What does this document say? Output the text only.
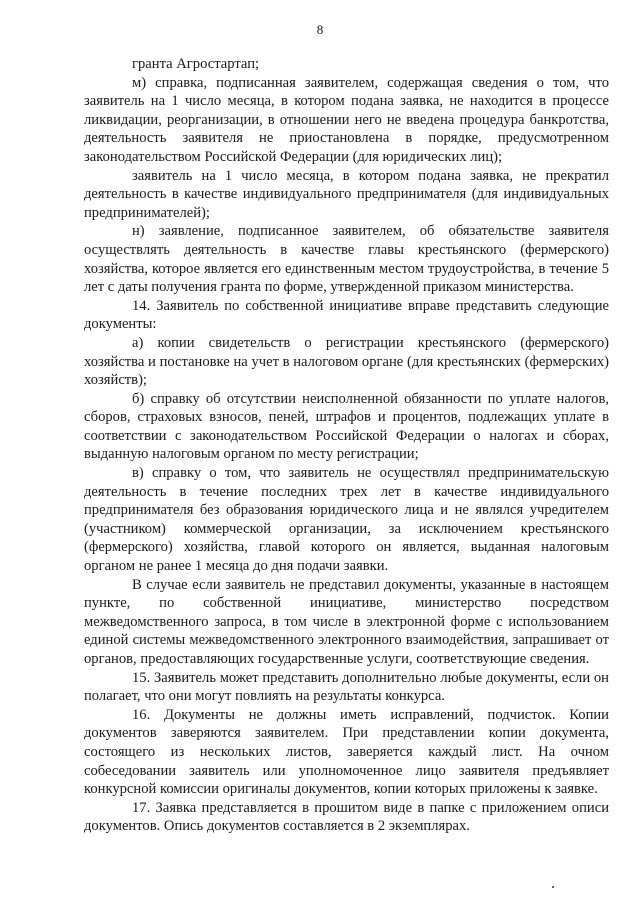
8

гранта Агростартап;

м) справка, подписанная заявителем, содержащая сведения о том, что заявитель на 1 число месяца, в котором подана заявка, не находится в процессе ликвидации, реорганизации, в отношении него не введена процедура банкротства, деятельность заявителя не приостановлена в порядке, предусмотренном законодательством Российской Федерации (для юридических лиц);

заявитель на 1 число месяца, в котором подана заявка, не прекратил деятельность в качестве индивидуального предпринимателя (для индивидуальных предпринимателей);

н) заявление, подписанное заявителем, об обязательстве заявителя осуществлять деятельность в качестве главы крестьянского (фермерского) хозяйства, которое является его единственным местом трудоустройства, в течение 5 лет с даты получения гранта по форме, утвержденной приказом министерства.

14. Заявитель по собственной инициативе вправе представить следующие документы:

а) копии свидетельств о регистрации крестьянского (фермерского) хозяйства и постановке на учет в налоговом органе (для крестьянских (фермерских) хозяйств);

б) справку об отсутствии неисполненной обязанности по уплате налогов, сборов, страховых взносов, пеней, штрафов и процентов, подлежащих уплате в соответствии с законодательством Российской Федерации о налогах и сборах, выданную налоговым органом по месту регистрации;

в) справку о том, что заявитель не осуществлял предпринимательскую деятельность в течение последних трех лет в качестве индивидуального предпринимателя без образования юридического лица и не являлся учредителем (участником) коммерческой организации, за исключением крестьянского (фермерского) хозяйства, главой которого он является, выданная налоговым органом не ранее 1 месяца до дня подачи заявки.

В случае если заявитель не представил документы, указанные в настоящем пункте, по собственной инициативе, министерство посредством межведомственного запроса, в том числе в электронной форме с использованием единой системы межведомственного электронного взаимодействия, запрашивает от органов, предоставляющих государственные услуги, соответствующие сведения.

15. Заявитель может представить дополнительно любые документы, если он полагает, что они могут повлиять на результаты конкурса.

16. Документы не должны иметь исправлений, подчисток. Копии документов заверяются заявителем. При представлении копии документа, состоящего из нескольких листов, заверяется каждый лист. На очном собеседовании заявитель или уполномоченное лицо заявителя предъявляет конкурсной комиссии оригиналы документов, копии которых приложены к заявке.

17. Заявка представляется в прошитом виде в папке с приложением описи документов. Опись документов составляется в 2 экземплярах.
